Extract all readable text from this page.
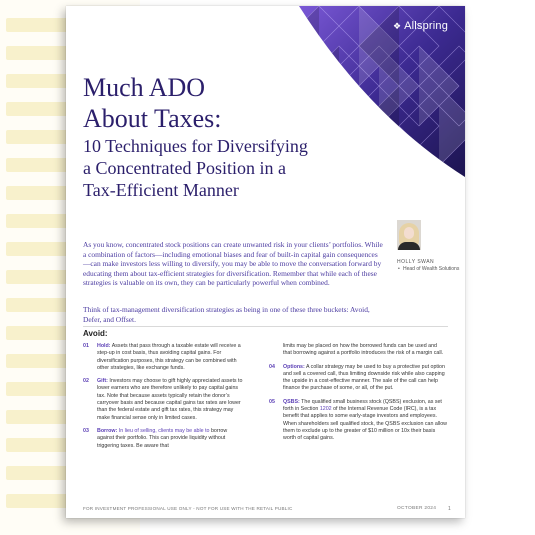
❖ Allspring
Much ADO
About Taxes:
10 Techniques for Diversifying
a Concentrated Position in a
Tax-Efficient Manner

As you know, concentrated stock positions can create unwanted risk in your clients’ portfolios. While a combination of factors—including emotional biases and fear of built-in capital gain consequences—can make investors less willing to diversify, you may be able to move the conversation forward by educating them about tax-efficient strategies for diversification. Remember that while each of these strategies is valuable on its own, they can be particularly powerful when combined.

Think of tax-management diversification strategies as being in one of these three buckets: Avoid, Defer, and Offset.

HOLLY SWAN
• Head of Wealth Solutions
Avoid:

01 Hold: Assets that pass through a taxable estate will receive a step-up in cost basis, thus avoiding capital gains. For diversification purposes, this strategy can be combined with other strategies, like exchange funds.

02 Gift: Investors may choose to gift highly appreciated assets to lower earners who are therefore unlikely to pay capital gains tax. Note that because assets typically retain the donor’s carryover basis and because capital gains tax rates are lower than the federal estate and gift tax rates, this strategy may make financial sense only in limited cases.

03 Borrow: In lieu of selling, clients may be able to borrow against their portfolio. This can provide liquidity without triggering taxes. Be aware that

limits may be placed on how the borrowed funds can be used and that borrowing against a portfolio introduces the risk of a margin call.

04 Options: A collar strategy may be used to buy a protective put option and sell a covered call, thus limiting downside risk while also capping the upside in a cost-effective manner. The sale of the call can help finance the purchase of some, or all, of the put.

05 QSBS: The qualified small business stock (QSBS) exclusion, as set forth in Section 1202 of the Internal Revenue Code (IRC), is a tax benefit that applies to some early-stage investors and employees. When shareholders sell qualified stock, the QSBS exclusion can allow them to exclude up to the greater of $10 million or 10x their basis worth of capital gains.

FOR INVESTMENT PROFESSIONAL USE ONLY - NOT FOR USE WITH THE RETAIL PUBLIC	OCTOBER 2024 1
